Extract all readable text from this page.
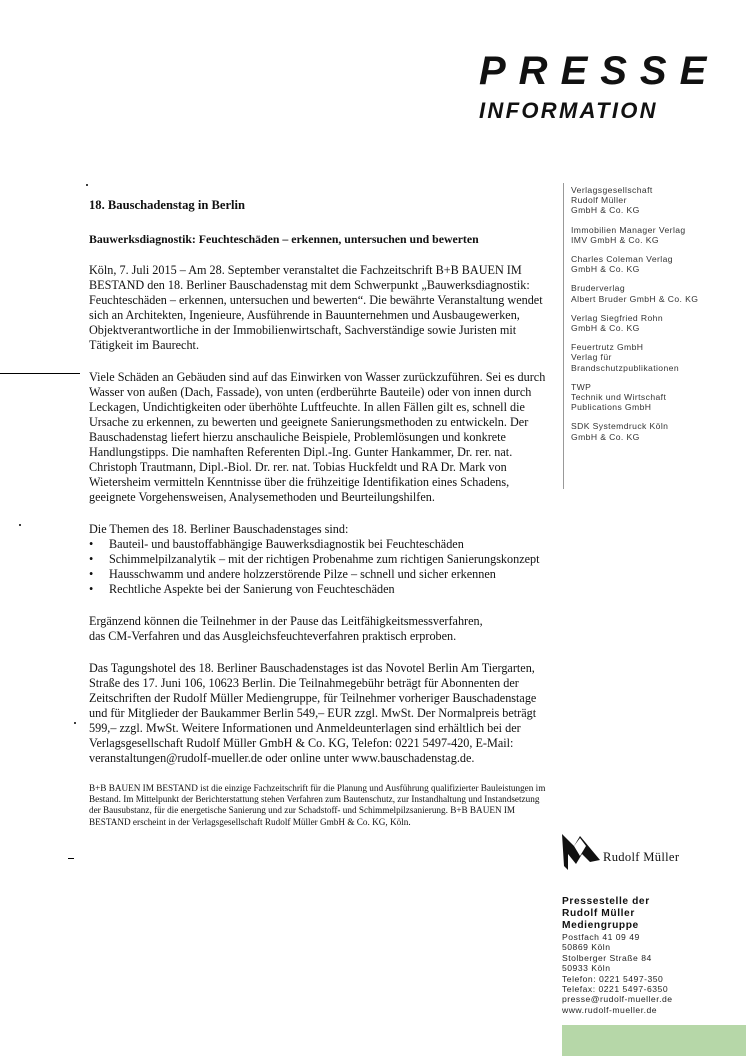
PRESSE
INFORMATION

18. Bauschadenstag in Berlin

Bauwerksdiagnostik: Feuchteschäden – erkennen, untersuchen und bewerten

Köln, 7. Juli 2015 – Am 28. September veranstaltet die Fachzeitschrift B+B BAUEN IM BESTAND den 18. Berliner Bauschadenstag mit dem Schwerpunkt „Bauwerksdiagnostik: Feuchteschäden – erkennen, untersuchen und bewerten“. Die bewährte Veranstaltung wendet sich an Architekten, Ingenieure, Ausführende in Bauunternehmen und Ausbaugewerken, Objektverantwortliche in der Immobilienwirtschaft, Sachverständige sowie Juristen mit Tätigkeit im Baurecht.

Viele Schäden an Gebäuden sind auf das Einwirken von Wasser zurückzuführen. Sei es durch Wasser von außen (Dach, Fassade), von unten (erdberührte Bauteile) oder von innen durch Leckagen, Undichtigkeiten oder überhöhte Luftfeuchte. In allen Fällen gilt es, schnell die Ursache zu erkennen, zu bewerten und geeignete Sanierungsmethoden zu entwickeln. Der Bauschadenstag liefert hierzu anschauliche Beispiele, Problemlösungen und konkrete Handlungstipps. Die namhaften Referenten Dipl.-Ing. Gunter Hankammer, Dr. rer. nat. Christoph Trautmann, Dipl.-Biol. Dr. rer. nat. Tobias Huckfeldt und RA Dr. Mark von Wietersheim vermitteln Kenntnisse über die frühzeitige Identifikation eines Schadens, geeignete Vorgehensweisen, Analysemethoden und Beurteilungshilfen.

Die Themen des 18. Berliner Bauschadenstages sind:

• Bauteil- und baustoffabhängige Bauwerksdiagnostik bei Feuchteschäden
• Schimmelpilzanalytik – mit der richtigen Probenahme zum richtigen Sanierungskonzept
• Hausschwamm und andere holzzerstörende Pilze – schnell und sicher erkennen
• Rechtliche Aspekte bei der Sanierung von Feuchteschäden

Ergänzend können die Teilnehmer in der Pause das Leitfähigkeitsmessverfahren,

das CM-Verfahren und das Ausgleichsfeuchteverfahren praktisch erproben.

Das Tagungshotel des 18. Berliner Bauschadenstages ist das Novotel Berlin Am Tiergarten, Straße des 17. Juni 106, 10623 Berlin. Die Teilnahmegebühr beträgt für Abonnenten der Zeitschriften der Rudolf Müller Mediengruppe, für Teilnehmer vorheriger Bauschadenstage und für Mitglieder der Baukammer Berlin 549,– EUR zzgl. MwSt. Der Normalpreis beträgt 599,– zzgl. MwSt. Weitere Informationen und Anmeldeunterlagen sind erhältlich bei der Verlagsgesellschaft Rudolf Müller GmbH & Co. KG, Telefon: 0221 5497-420, E-Mail: veranstaltungen@rudolf-mueller.de oder online unter www.bauschadenstag.de.

B+B BAUEN IM BESTAND ist die einzige Fachzeitschrift für die Planung und Ausführung qualifizierter Bauleistungen im Bestand. Im Mittelpunkt der Berichterstattung stehen Verfahren zum Bautenschutz, zur Instandhaltung und Instandsetzung der Bausubstanz, für die energetische Sanierung und zur Schadstoff- und Schimmelpilzsanierung. B+B BAUEN IM BESTAND erscheint in der Verlagsgesellschaft Rudolf Müller GmbH & Co. KG, Köln.

Verlagsgesellschaft
Rudolf Müller
GmbH & Co. KG
Immobilien Manager Verlag
IMV GmbH & Co. KG
Charles Coleman Verlag
GmbH & Co. KG
Bruderverlag
Albert Bruder GmbH & Co. KG
Verlag Siegfried Rohn
GmbH & Co. KG
Feuertrutz GmbH
Verlag für
Brandschutzpublikationen
TWP
Technik und Wirtschaft
Publications GmbH
SDK Systemdruck Köln
GmbH & Co. KG
Rudolf Müller
Pressestelle der
Rudolf Müller
Mediengruppe
Postfach 41 09 49
50869 Köln
Stolberger Straße 84
50933 Köln
Telefon: 0221 5497-350
Telefax: 0221 5497-6350
presse@rudolf-mueller.de
www.rudolf-mueller.de
